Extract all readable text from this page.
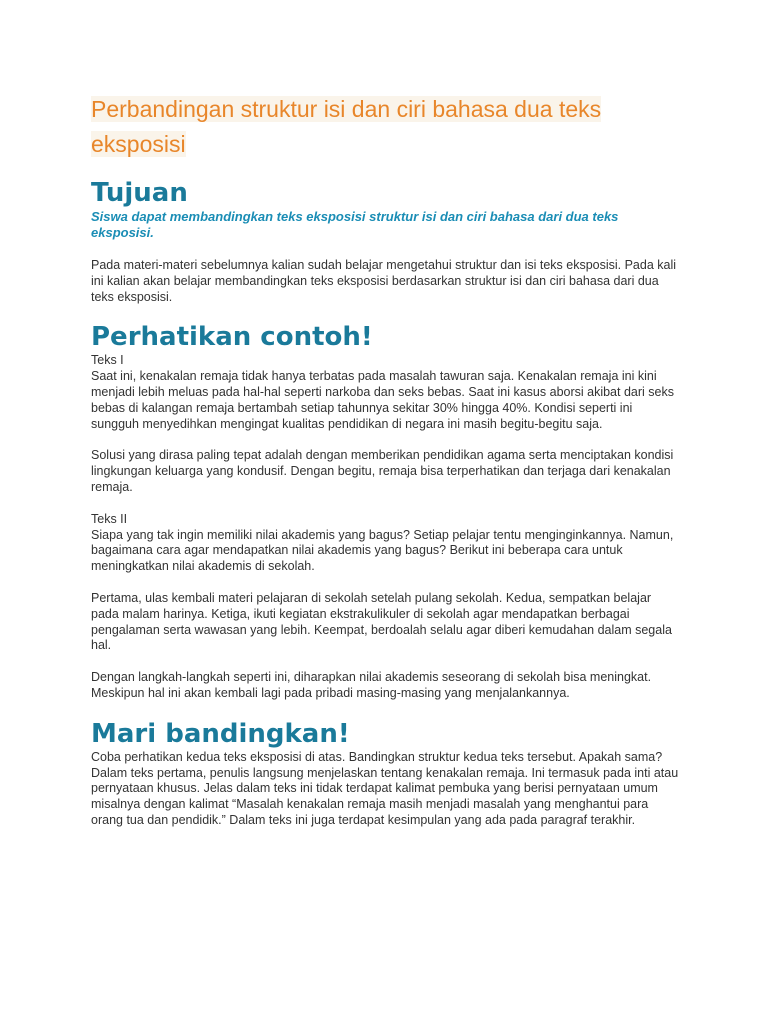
Perbandingan struktur isi dan ciri bahasa dua teks eksposisi
Tujuan

Siswa dapat membandingkan teks eksposisi struktur isi dan ciri bahasa dari dua teks eksposisi.

Pada materi-materi sebelumnya kalian sudah belajar mengetahui struktur dan isi teks eksposisi. Pada kali ini kalian akan belajar membandingkan teks eksposisi berdasarkan struktur isi dan ciri bahasa dari dua teks eksposisi.

Perhatikan contoh!

Teks I
Saat ini, kenakalan remaja tidak hanya terbatas pada masalah tawuran saja. Kenakalan remaja ini kini menjadi lebih meluas pada hal-hal seperti narkoba dan seks bebas. Saat ini kasus aborsi akibat dari seks bebas di kalangan remaja bertambah setiap tahunnya sekitar 30% hingga 40%. Kondisi seperti ini sungguh menyedihkan mengingat kualitas pendidikan di negara ini masih begitu-begitu saja.

Solusi yang dirasa paling tepat adalah dengan memberikan pendidikan agama serta menciptakan kondisi lingkungan keluarga yang kondusif. Dengan begitu, remaja bisa terperhatikan dan terjaga dari kenakalan remaja.

Teks II
Siapa yang tak ingin memiliki nilai akademis yang bagus? Setiap pelajar tentu menginginkannya. Namun, bagaimana cara agar mendapatkan nilai akademis yang bagus? Berikut ini beberapa cara untuk meningkatkan nilai akademis di sekolah.

Pertama, ulas kembali materi pelajaran di sekolah setelah pulang sekolah. Kedua, sempatkan belajar pada malam harinya. Ketiga, ikuti kegiatan ekstrakulikuler di sekolah agar mendapatkan berbagai pengalaman serta wawasan yang lebih. Keempat, berdoalah selalu agar diberi kemudahan dalam segala hal.

Dengan langkah-langkah seperti ini, diharapkan nilai akademis seseorang di sekolah bisa meningkat. Meskipun hal ini akan kembali lagi pada pribadi masing-masing yang menjalankannya.

Mari bandingkan!

Coba perhatikan kedua teks eksposisi di atas. Bandingkan struktur kedua teks tersebut. Apakah sama? Dalam teks pertama, penulis langsung menjelaskan tentang kenakalan remaja. Ini termasuk pada inti atau pernyataan khusus. Jelas dalam teks ini tidak terdapat kalimat pembuka yang berisi pernyataan umum misalnya dengan kalimat “Masalah kenakalan remaja masih menjadi masalah yang menghantui para orang tua dan pendidik.” Dalam teks ini juga terdapat kesimpulan yang ada pada paragraf terakhir.
